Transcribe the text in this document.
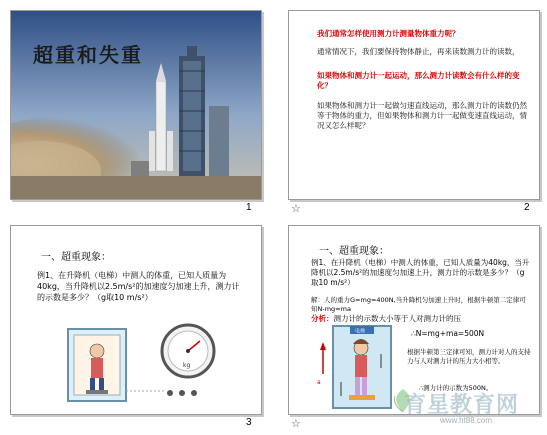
超重和失重
1
我们通常怎样使用测力计测量物体重力呢？
通常情况下，我们要保持物体静止，再来读数测力计的读数，
如果物体和测力计一起运动，那么测力计读数会有什么样的变化？
如果物体和测力计一起做匀速直线运动，那么测力计的读数仍然等于物体的重力，但如果物体和测力计一起做变速直线运动，情况又怎么样呢？
☆	2
一、超重现象：
例1、在升降机（电梯）中测人的体重，已知人质量为40kg，当升降机以2.5m/s²的加速度匀加速上升，测力计的示数是多少？（g取10 m/s²）
kg
3
一、超重现象：
例1、在升降机（电梯）中测人的体重，已知人质量为40kg，当升降机以2.5m/s²的加速度匀加速上升，测力计的示数是多少？（g取10 m/s²）
解：人的重力G=mg=400N,当升降机匀加速上升时，根据牛顿第二定律可知N-mg=ma
分析：测力计的示数大小等于人对测力计的压
∴N=mg+ma=500N
电梯
a
根据牛顿第三定律可知，测力计对人的支持力与人对测力计的压力大小相等。
∴测力计的示数为500N。
☆
育星教育网
www.ht88.com
